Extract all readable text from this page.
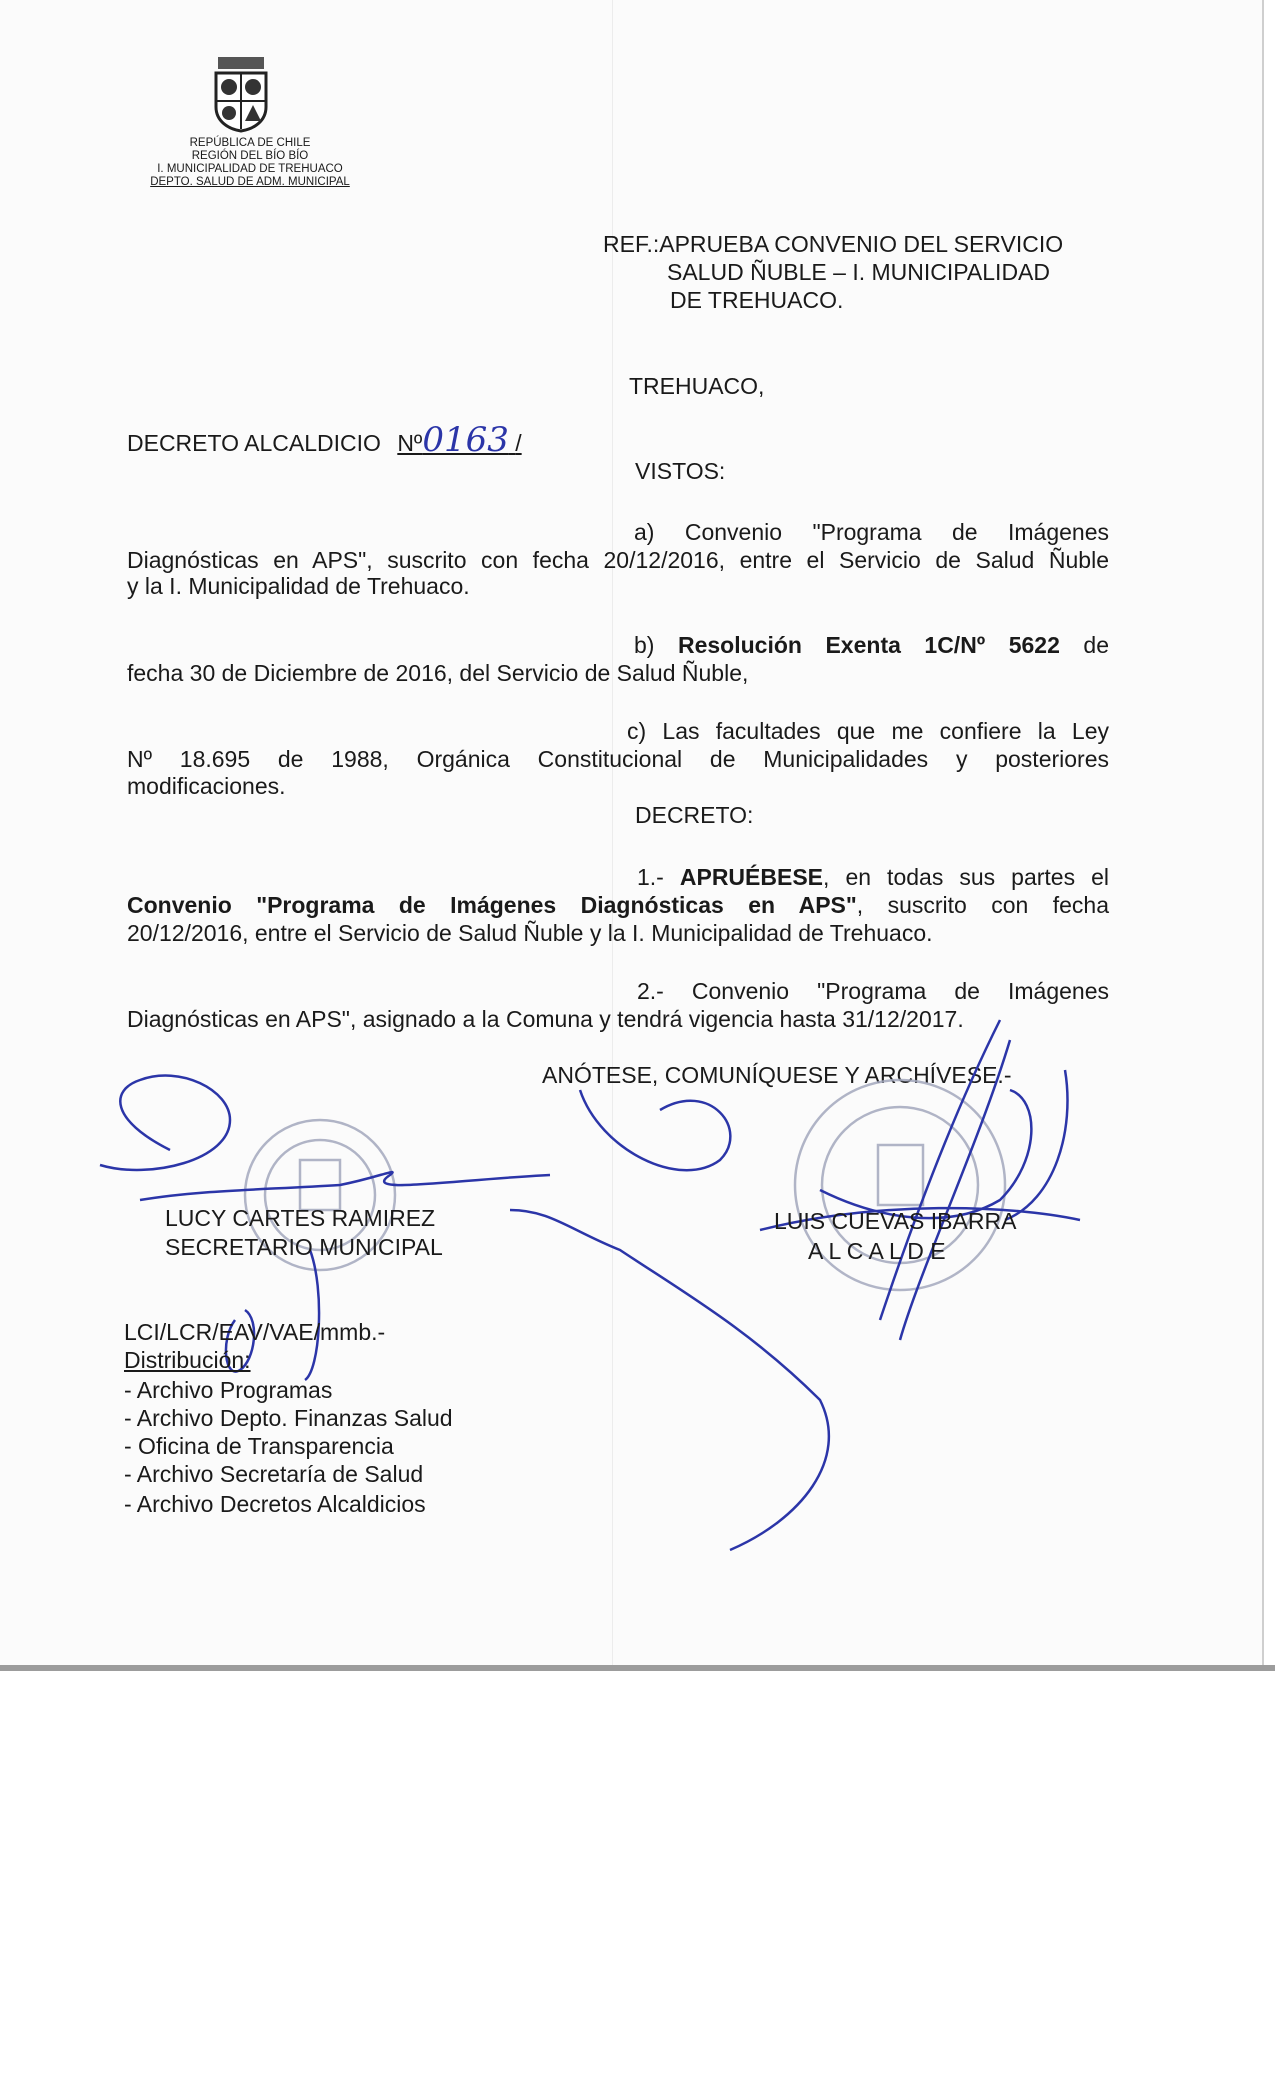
REPÚBLICA DE CHILE
REGIÓN DEL BÍO BÍO
I. MUNICIPALIDAD DE TREHUACO
DEPTO. SALUD DE ADM. MUNICIPAL
REF.:APRUEBA CONVENIO DEL SERVICIO
SALUD ÑUBLE – I. MUNICIPALIDAD
DE TREHUACO.
TREHUACO,
DECRETO ALCALDICIO Nº0163 /
VISTOS:
a) Convenio "Programa de Imágenes
Diagnósticas en APS", suscrito con fecha 20/12/2016, entre el Servicio de Salud Ñuble
y la I. Municipalidad de Trehuaco.
b) Resolución Exenta 1C/Nº 5622 de
fecha 30 de Diciembre de 2016, del Servicio de Salud Ñuble,
c) Las facultades que me confiere la Ley
Nº 18.695 de 1988, Orgánica Constitucional de Municipalidades y posteriores
modificaciones.
DECRETO:
1.- APRUÉBESE, en todas sus partes el
Convenio "Programa de Imágenes Diagnósticas en APS", suscrito con fecha
20/12/2016, entre el Servicio de Salud Ñuble y la I. Municipalidad de Trehuaco.
2.- Convenio "Programa de Imágenes
Diagnósticas en APS", asignado a la Comuna y tendrá vigencia hasta 31/12/2017.
ANÓTESE, COMUNÍQUESE Y ARCHÍVESE.-
LUCY CARTES RAMIREZ
SECRETARIO MUNICIPAL
LUIS CUEVAS IBARRA
A L C A L D E
LCI/LCR/EAV/VAE/mmb.-
Distribución:
- Archivo Programas
- Archivo Depto. Finanzas Salud
- Oficina de Transparencia
- Archivo Secretaría de Salud
- Archivo Decretos Alcaldicios
